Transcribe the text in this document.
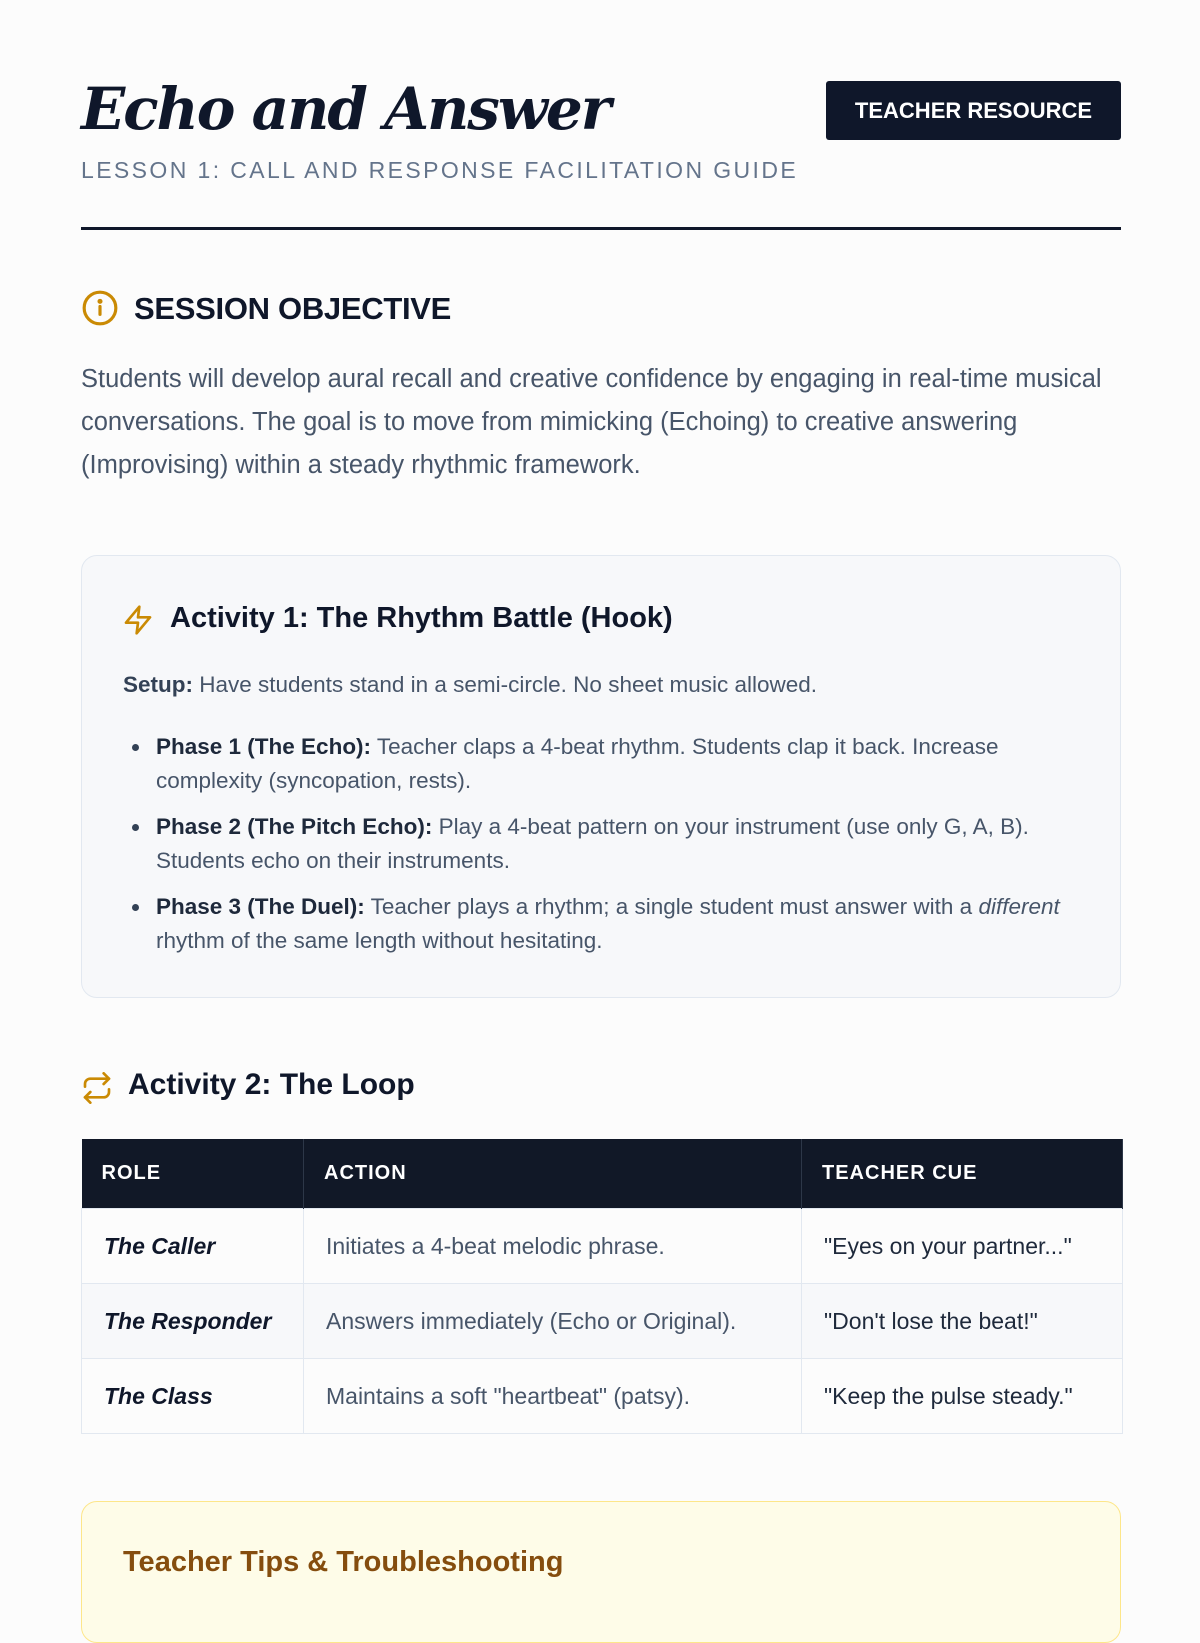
Echo and Answer
LESSON 1: CALL AND RESPONSE FACILITATION GUIDE
TEACHER RESOURCE
SESSION OBJECTIVE

Students will develop aural recall and creative confidence by engaging in real-time musical conversations. The goal is to move from mimicking (Echoing) to creative answering (Improvising) within a steady rhythmic framework.

Activity 1: The Rhythm Battle (Hook)
Setup: Have students stand in a semi-circle. No sheet music allowed.
Phase 1 (The Echo): Teacher claps a 4-beat rhythm. Students clap it back. Increase complexity (syncopation, rests).
Phase 2 (The Pitch Echo): Play a 4-beat pattern on your instrument (use only G, A, B). Students echo on their instruments.
Phase 3 (The Duel): Teacher plays a rhythm; a single student must answer with a different rhythm of the same length without hesitating.
Activity 2: The Loop
ROLE	ACTION	TEACHER CUE
The Caller	Initiates a 4-beat melodic phrase.	"Eyes on your partner..."
The Responder	Answers immediately (Echo or Original).	"Don't lose the beat!"
The Class	Maintains a soft "heartbeat" (patsy).	"Keep the pulse steady."
Teacher Tips & Troubleshooting
